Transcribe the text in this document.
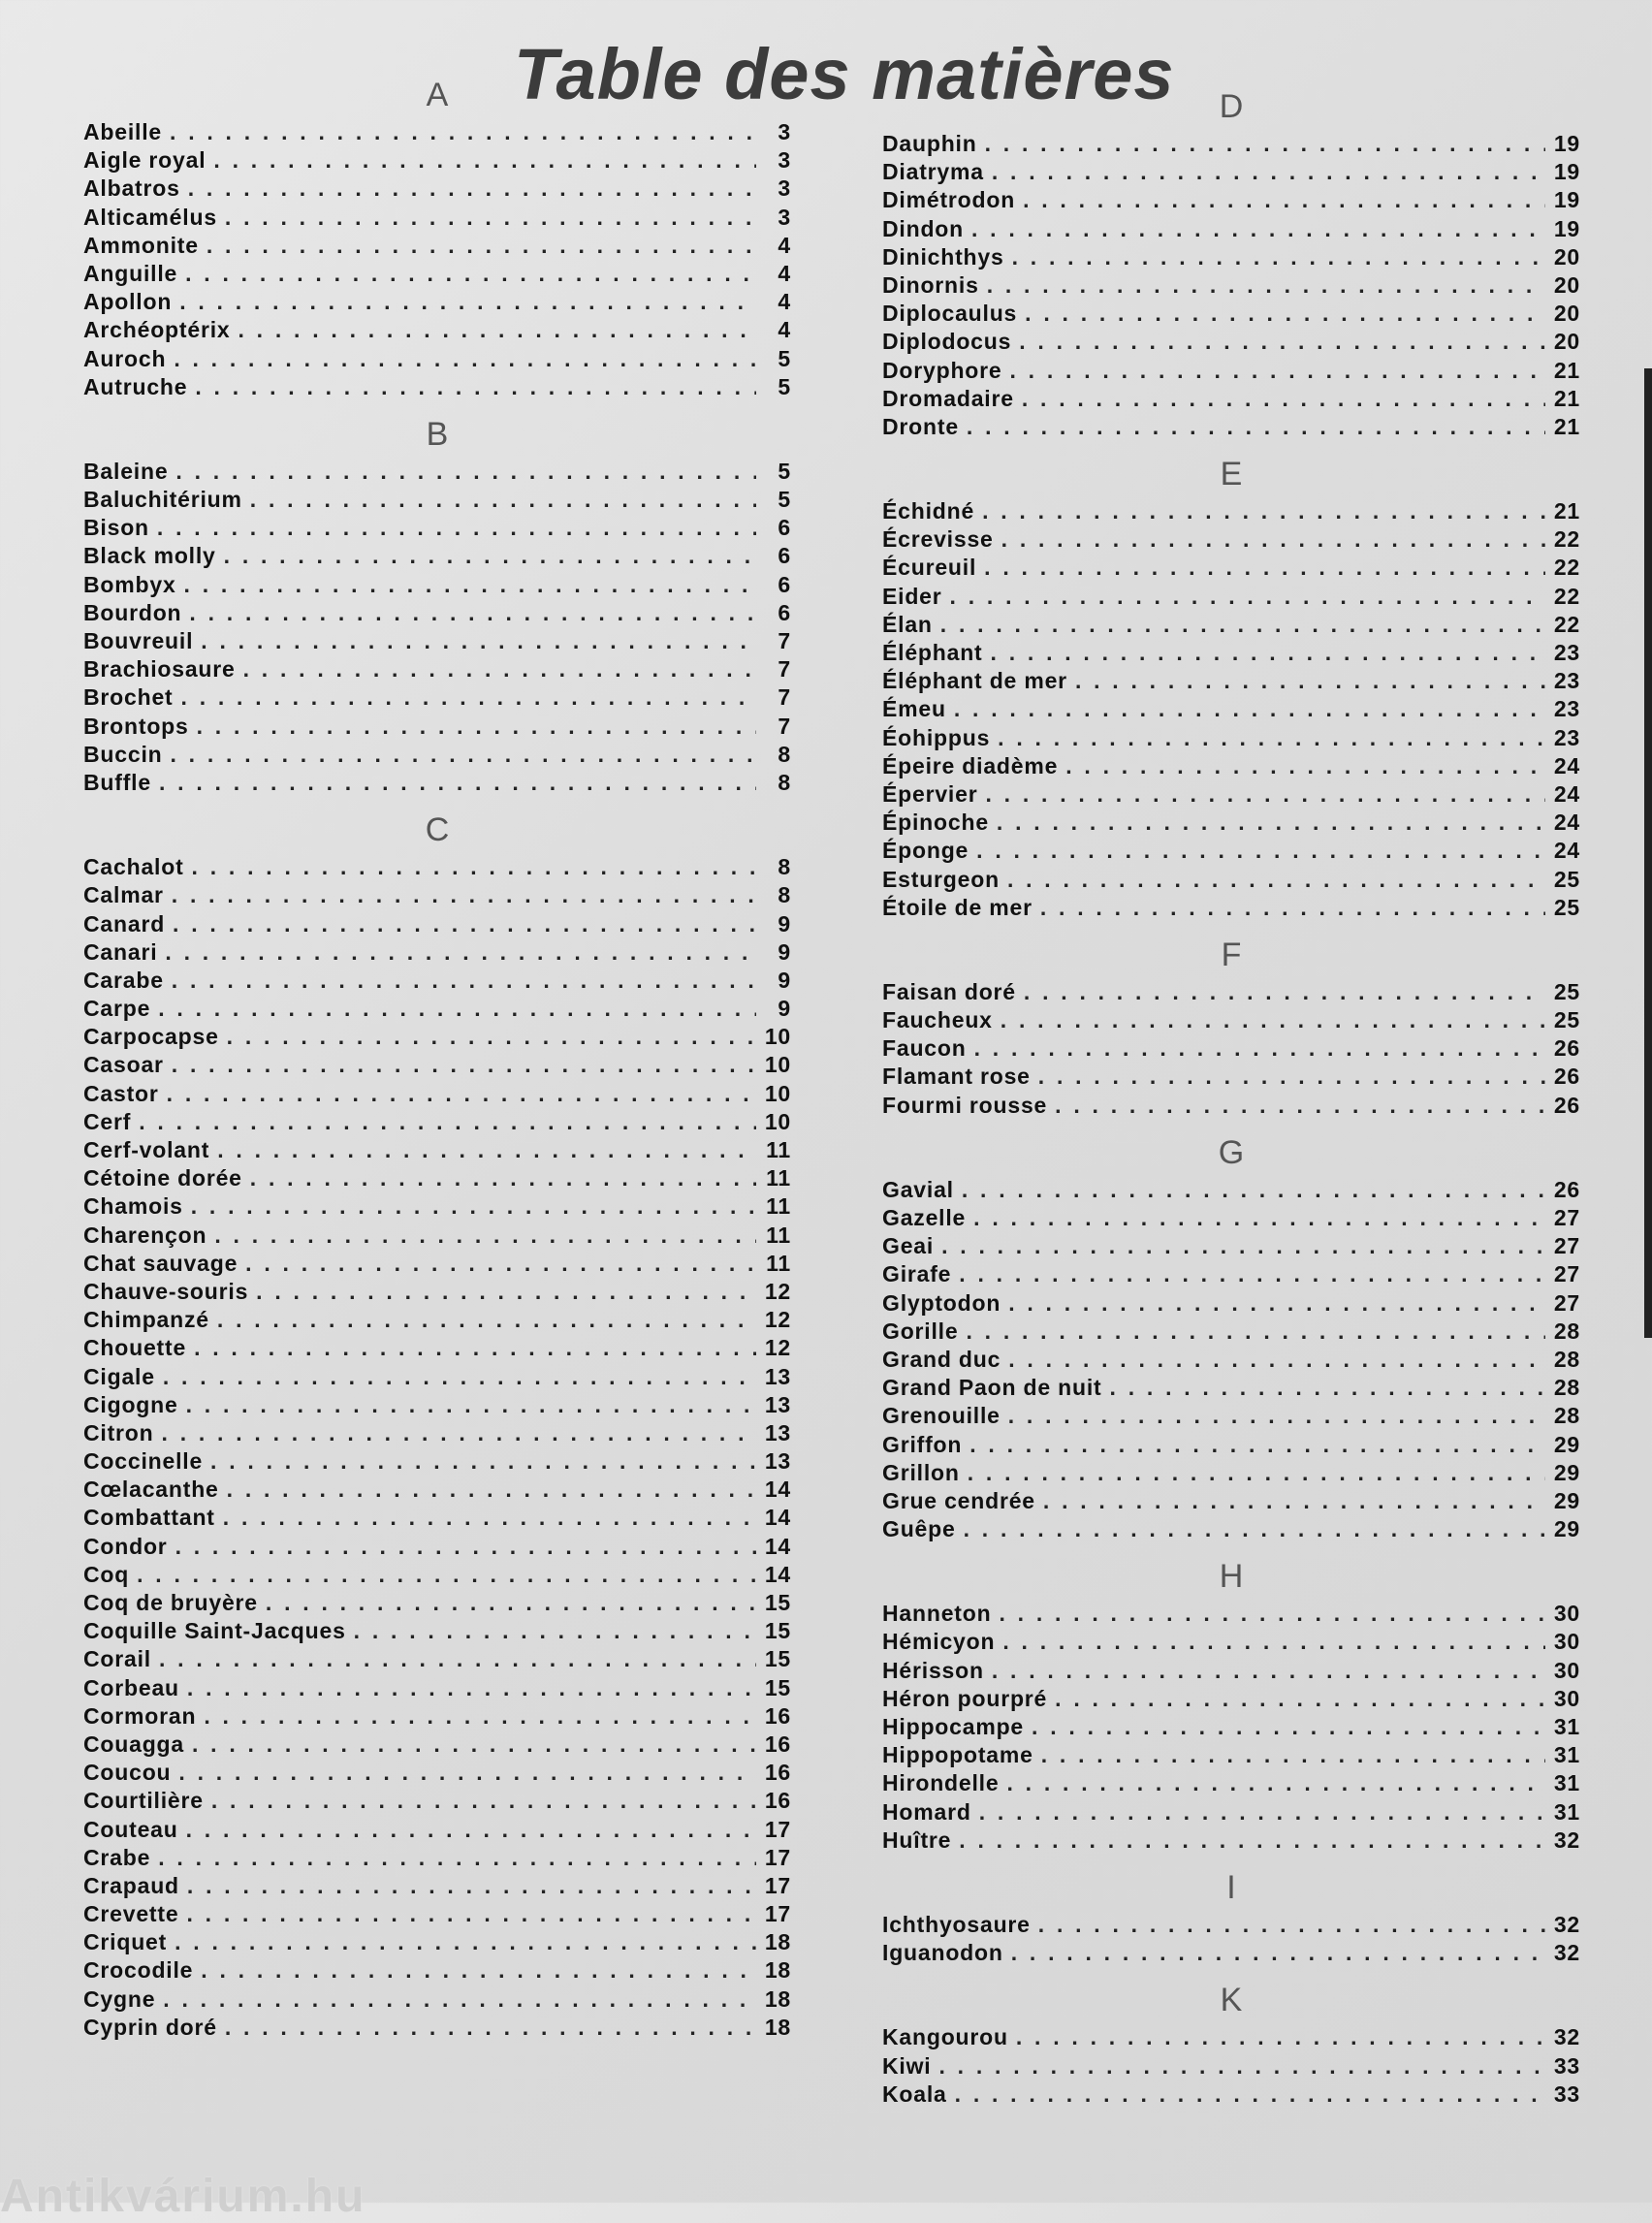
Table des matières
A
Abeille . . .	3
Aigle royal . . .	3
Albatros . . .	3
Alticamélus . . .	3
Ammonite . . .	4
Anguille . . .	4
Apollon . . .	4
Archéoptérix . . .	4
Auroch . . .	5
Autruche . . .	5
B
Baleine . . .	5
Baluchitérium . . .	5
Bison . . .	6
Black molly . . .	6
Bombyx . . .	6
Bourdon . . .	6
Bouvreuil . . .	7
Brachiosaure . . .	7
Brochet . . .	7
Brontops . . .	7
Buccin . . .	8
Buffle . . .	8
C
Cachalot . . .	8
Calmar . . .	8
Canard . . .	9
Canari . . .	9
Carabe . . .	9
Carpe . . .	9
Carpocapse . . .	10
Casoar . . .	10
Castor . . .	10
Cerf . . .	10
Cerf-volant . . .	11
Cétoine dorée . . .	11
Chamois . . .	11
Charençon . . .	11
Chat sauvage . . .	11
Chauve-souris . . .	12
Chimpanzé . . .	12
Chouette . . .	12
Cigale . . .	13
Cigogne . . .	13
Citron . . .	13
Coccinelle . . .	13
Cœlacanthe . . .	14
Combattant . . .	14
Condor . . .	14
Coq . . .	14
Coq de bruyère . . .	15
Coquille Saint-Jacques . . .	15
Corail . . .	15
Corbeau . . .	15
Cormoran . . .	16
Couagga . . .	16
Coucou . . .	16
Courtilière . . .	16
Couteau . . .	17
Crabe . . .	17
Crapaud . . .	17
Crevette . . .	17
Criquet . . .	18
Crocodile . . .	18
Cygne . . .	18
Cyprin doré . . .	18
D
Dauphin . . .	19
Diatryma . . .	19
Dimétrodon . . .	19
Dindon . . .	19
Dinichthys . . .	20
Dinornis . . .	20
Diplocaulus . . .	20
Diplodocus . . .	20
Doryphore . . .	21
Dromadaire . . .	21
Dronte . . .	21
E
Échidné . . .	21
Écrevisse . . .	22
Écureuil . . .	22
Eider . . .	22
Élan . . .	22
Éléphant . . .	23
Éléphant de mer . . .	23
Émeu . . .	23
Éohippus . . .	23
Épeire diadème . . .	24
Épervier . . .	24
Épinoche . . .	24
Éponge . . .	24
Esturgeon . . .	25
Étoile de mer . . .	25
F
Faisan doré . . .	25
Faucheux . . .	25
Faucon . . .	26
Flamant rose . . .	26
Fourmi rousse . . .	26
G
Gavial . . .	26
Gazelle . . .	27
Geai . . .	27
Girafe . . .	27
Glyptodon . . .	27
Gorille . . .	28
Grand duc . . .	28
Grand Paon de nuit . . .	28
Grenouille . . .	28
Griffon . . .	29
Grillon . . .	29
Grue cendrée . . .	29
Guêpe . . .	29
H
Hanneton . . .	30
Hémicyon . . .	30
Hérisson . . .	30
Héron pourpré . . .	30
Hippocampe . . .	31
Hippopotame . . .	31
Hirondelle . . .	31
Homard . . .	31
Huître . . .	32
I
Ichthyosaure . . .	32
Iguanodon . . .	32
K
Kangourou . . .	32
Kiwi . . .	33
Koala . . .	33
Antikvárium.hu
